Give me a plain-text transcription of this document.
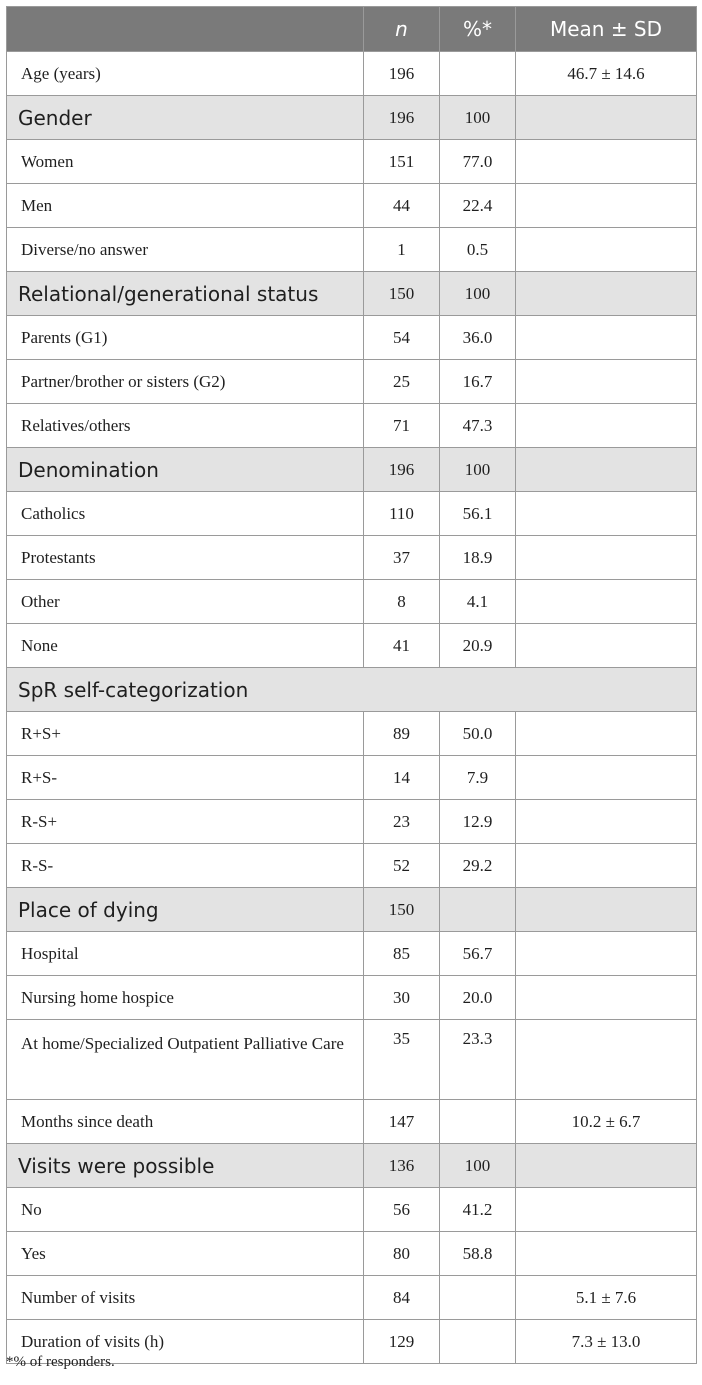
	n	%*	Mean ± SD
Age (years)	196		46.7 ± 14.6
Gender	196	100	
Women	151	77.0	
Men	44	22.4	
Diverse/no answer	1	0.5	
Relational/generational status	150	100	
Parents (G1)	54	36.0	
Partner/brother or sisters (G2)	25	16.7	
Relatives/others	71	47.3	
Denomination	196	100	
Catholics	110	56.1	
Protestants	37	18.9	
Other	8	4.1	
None	41	20.9	
SpR self-categorization			
R+S+	89	50.0	
R+S-	14	7.9	
R-S+	23	12.9	
R-S-	52	29.2	
Place of dying	150		
Hospital	85	56.7	
Nursing home hospice	30	20.0	
At home/Specialized Outpatient Palliative Care	35	23.3	
Months since death	147		10.2 ± 6.7
Visits were possible	136	100	
No	56	41.2	
Yes	80	58.8	
Number of visits	84		5.1 ± 7.6
Duration of visits (h)	129		7.3 ± 13.0
*% of responders.
